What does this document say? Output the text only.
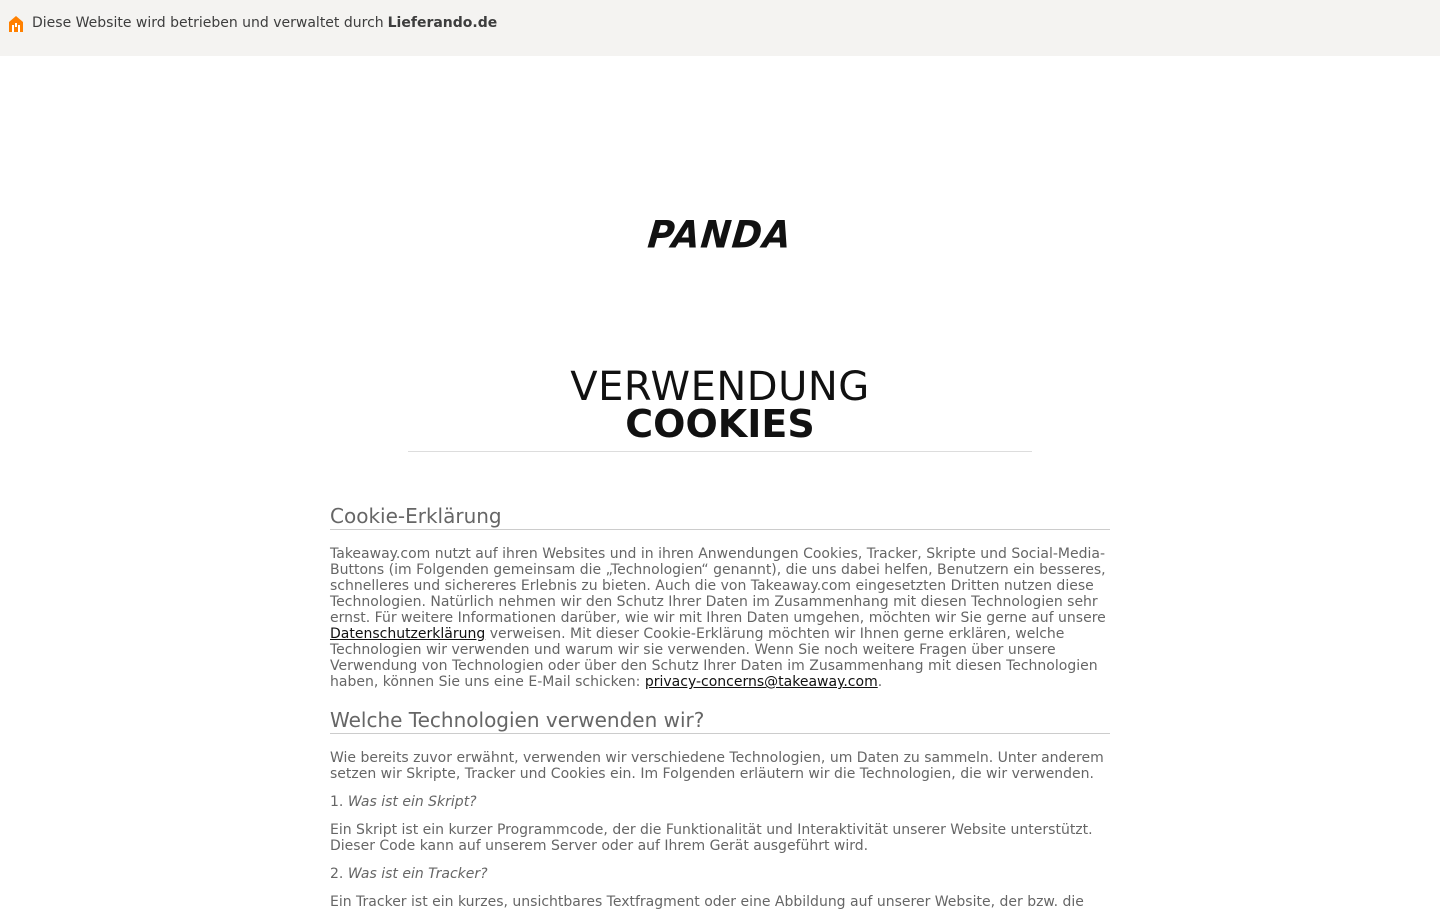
Diese Website wird betrieben und verwaltet durch Lieferando.de
PANDA
VERWENDUNG
COOKIES
Cookie-Erklärung

Takeaway.com nutzt auf ihren Websites und in ihren Anwendungen Cookies, Tracker, Skripte und Social-Media-Buttons (im Folgenden gemeinsam die „Technologien“ genannt), die uns dabei helfen, Benutzern ein besseres, schnelleres und sichereres Erlebnis zu bieten. Auch die von Takeaway.com eingesetzten Dritten nutzen diese Technologien. Natürlich nehmen wir den Schutz Ihrer Daten im Zusammenhang mit diesen Technologien sehr ernst. Für weitere Informationen darüber, wie wir mit Ihren Daten umgehen, möchten wir Sie gerne auf unsere Datenschutzerklärung verweisen. Mit dieser Cookie-Erklärung möchten wir Ihnen gerne erklären, welche Technologien wir verwenden und warum wir sie verwenden. Wenn Sie noch weitere Fragen über unsere Verwendung von Technologien oder über den Schutz Ihrer Daten im Zusammenhang mit diesen Technologien haben, können Sie uns eine E-Mail schicken: privacy-concerns@takeaway.com.

Welche Technologien verwenden wir?

Wie bereits zuvor erwähnt, verwenden wir verschiedene Technologien, um Daten zu sammeln. Unter anderem setzen wir Skripte, Tracker und Cookies ein. Im Folgenden erläutern wir die Technologien, die wir verwenden.

1. Was ist ein Skript?

Ein Skript ist ein kurzer Programmcode, der die Funktionalität und Interaktivität unserer Website unterstützt. Dieser Code kann auf unserem Server oder auf Ihrem Gerät ausgeführt wird.

2. Was ist ein Tracker?

Ein Tracker ist ein kurzes, unsichtbares Textfragment oder eine Abbildung auf unserer Website, der bzw. die
